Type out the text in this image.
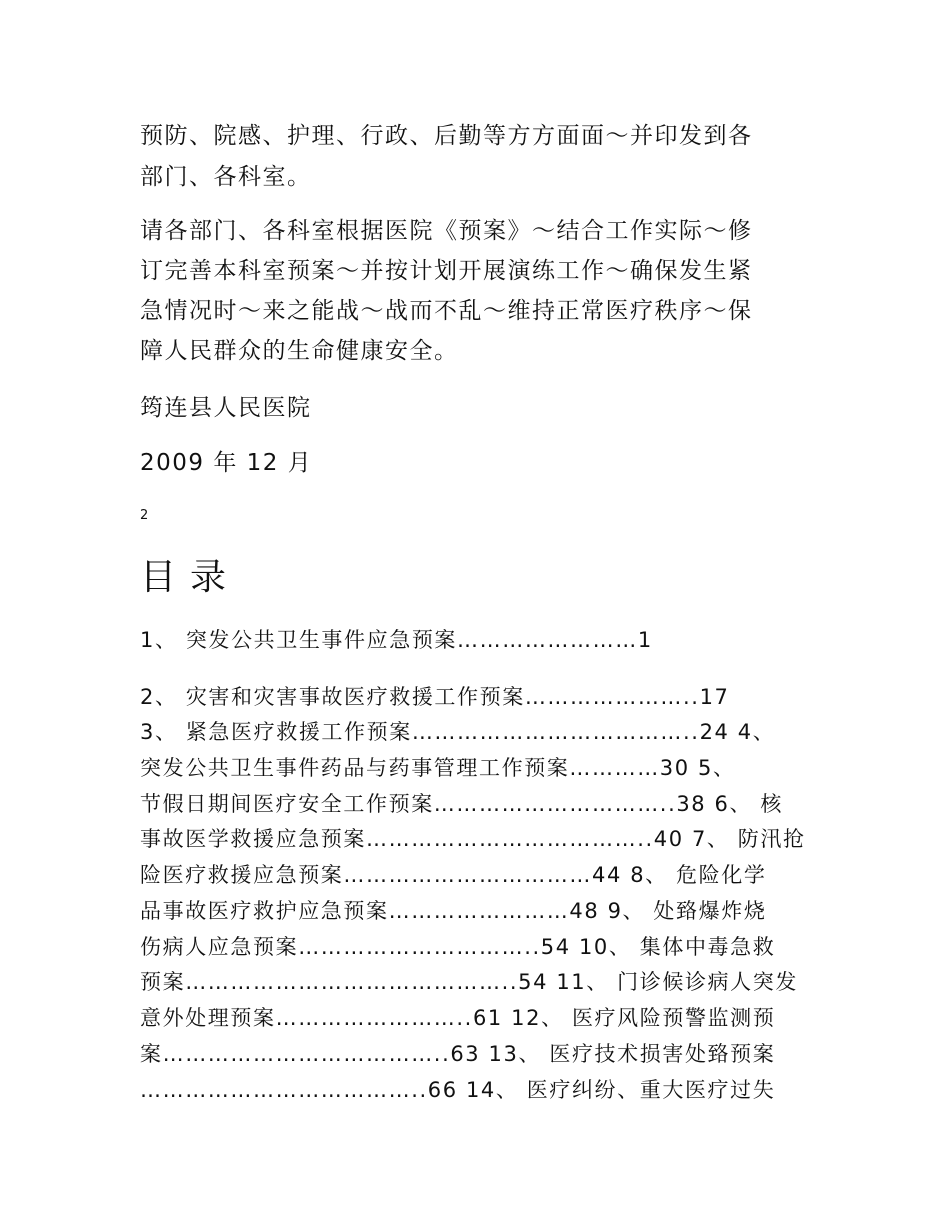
预防、院感、护理、行政、后勤等方方面面～并印发到各
部门、各科室。
请各部门、各科室根据医院《预案》～结合工作实际～修
订完善本科室预案～并按计划开展演练工作～确保发生紧
急情况时～来之能战～战而不乱～维持正常医疗秩序～保
障人民群众的生命健康安全。
筠连县人民医院
2009 年 12 月
2
目录
1、 突发公共卫生事件应急预案……………………1
2、 灾害和灾害事故医疗救援工作预案…………………..17
3、 紧急医疗救援工作预案………………………………..24 4、
突发公共卫生事件药品与药事管理工作预案…………30 5、
节假日期间医疗安全工作预案…………………………..38 6、 核
事故医学救援应急预案………………………………..40 7、 防汛抢
险医疗救援应急预案……………………………44 8、 危险化学
品事故医疗救护应急预案……………………48 9、 处臵爆炸烧
伤病人应急预案…………………………..54 10、 集体中毒急救
预案……………………………………..54 11、 门诊候诊病人突发
意外处理预案……………………..61 12、 医疗风险预警监测预
案………………………………..63 13、 医疗技术损害处臵预案
………………………………..66 14、 医疗纠纷、重大医疗过失
